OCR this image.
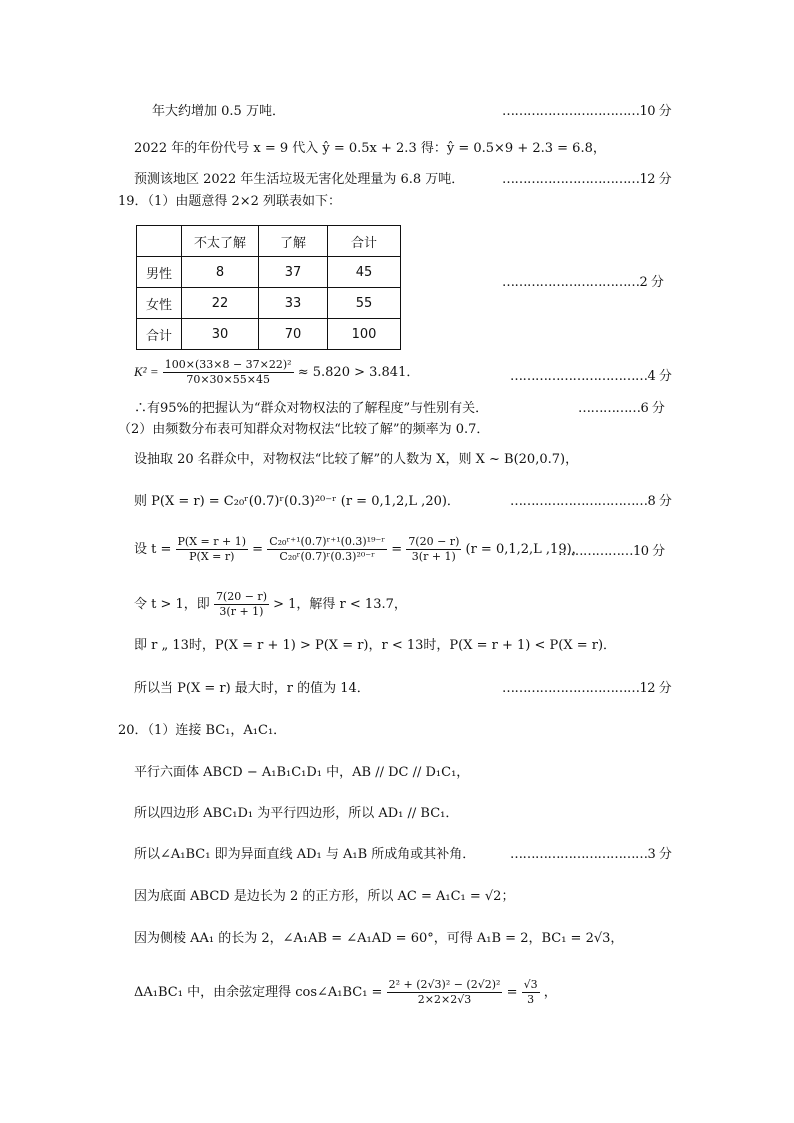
年大约增加 0.5 万吨．	……………………………10 分
2022 年的年份代号 x = 9 代入 ŷ = 0.5x + 2.3 得：ŷ = 0.5×9 + 2.3 = 6.8，
预测该地区 2022 年生活垃圾无害化处理量为 6.8 万吨．	……………………………12 分
19．（1）由题意得 2×2 列联表如下：
	不太了解	了解	合计
男性	8	37	45
女性	22	33	55
合计	30	70	100
……………………………2 分
$K^2 = \frac{\text{100×(33×8 − 37×22)²}}{70\times 30\times 55\times 45} \approx 5.820 > 3.841$．	……………………………4 分
∴有95%的把握认为“群众对物权法的了解程度”与性别有关．	……………6 分
（2）由频数分布表可知群众对物权法“比较了解”的频率为 0.7．
设抽取 20 名群众中，对物权法“比较了解”的人数为 X，则 X ~ B(20,0.7)，
则 P(X = r) = C₂₀ʳ(0.7)ʳ(0.3)²⁰⁻ʳ (r = 0,1,2,L ,20)．	……………………………8 分
设 $t = \frac{P(X = r + 1)}{P(X = r)} = \frac{\text{C₂₀ʳ⁺¹(0.7)ʳ⁺¹(0.3)¹⁹⁻ʳ}}{\text{C₂₀ʳ(0.7)ʳ(0.3)²⁰⁻ʳ}} = \frac{7(20 - r)}{3(r + 1)} (r = 0,1,2,L$ ,19)，
………………10 分
令 t > 1，即 $\frac{7(20 - r)}{3(r + 1)} > 1$，解得 r < 13.7，
即 r „ 13时，P(X = r + 1) > P(X = r)，r < 13时，P(X = r + 1) < P(X = r)．
所以当 P(X = r) 最大时，r 的值为 14．	……………………………12 分
20．（1）连接 BC₁，A₁C₁．
平行六面体 ABCD − A₁B₁C₁D₁ 中，AB // DC // D₁C₁，
所以四边形 ABC₁D₁ 为平行四边形，所以 AD₁ // BC₁．
所以∠A₁BC₁ 即为异面直线 AD₁ 与 A₁B 所成角或其补角．	……………………………3 分
因为底面 ABCD 是边长为 2 的正方形，所以 AC = A₁C₁ = √2；
因为侧棱 AA₁ 的长为 2，∠A₁AB = ∠A₁AD = 60°，可得 A₁B = 2，BC₁ = 2√3，
ΔA₁BC₁ 中，由余弦定理得 cos∠A₁BC₁ = $\frac{\text{2² + (2√3)² − (2√2)²}}{2\times 2\times 2√3} = \frac{√3}{3}$ ，
